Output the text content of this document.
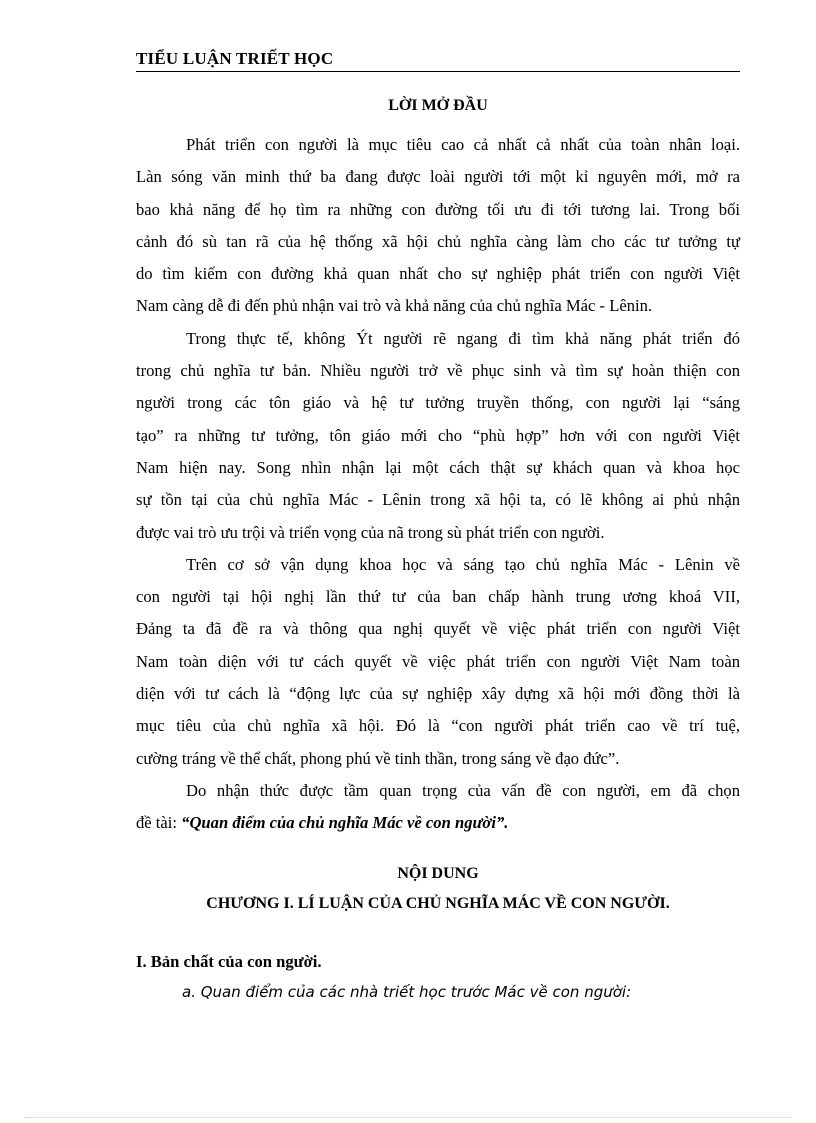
TIỂU LUẬN TRIẾT HỌC
LỜI MỞ ĐẦU
Phát triển con người là mục tiêu cao cả nhất cả nhất của toàn nhân loại.
Làn sóng văn minh thứ ba đang được loài người tới một kỉ nguyên mới, mở ra
bao khả năng để họ tìm ra những con đường tối ưu đi tới tương lai. Trong bối
cảnh đó sù tan rã của hệ thống xã hội chủ nghĩa càng làm cho các tư tưởng tự
do tìm kiếm con đường khả quan nhất cho sự nghiệp phát triển con người Việt
Nam càng dễ đi đến phủ nhận vai trò và khả năng của chủ nghĩa Mác - Lênin.
Trong thực tế, không Ýt người rẽ ngang đi tìm khả năng phát triển đó
trong chủ nghĩa tư bản. Nhiều người trở về phục sinh và tìm sự hoàn thiện con
người trong các tôn giáo và hệ tư tưởng truyền thống, con người lại “sáng
tạo” ra những tư tưởng, tôn giáo mới cho “phù hợp” hơn với con người Việt
Nam hiện nay. Song nhìn nhận lại một cách thật sự khách quan và khoa học
sự tồn tại của chủ nghĩa Mác - Lênin trong xã hội ta, có lẽ không ai phủ nhận
được vai trò ưu trội và triển vọng của nã trong sù phát triển con người.
Trên cơ sở vận dụng khoa học và sáng tạo chủ nghĩa Mác - Lênin về
con người tại hội nghị lần thứ tư của ban chấp hành trung ương khoá VII,
Đảng ta đã đề ra và thông qua nghị quyết về việc phát triển con người Việt
Nam toàn diện với tư cách quyết về việc phát triển con người Việt Nam toàn
diện với tư cách là “động lực của sự nghiệp xây dựng xã hội mới đồng thời là
mục tiêu của chủ nghĩa xã hội. Đó là “con người phát triển cao về trí tuệ,
cường tráng về thể chất, phong phú về tinh thần, trong sáng về đạo đức”.
Do nhận thức được tầm quan trọng của vấn đề con người, em đã chọn
đề tài: “Quan điểm của chủ nghĩa Mác về con người”.
NỘI DUNG
CHƯƠNG I. LÍ LUẬN CỦA CHỦ NGHĨA MÁC VỀ CON NGƯỜI.
I. Bản chất của con người.
a. Quan điểm của các nhà triết học trước Mác về con người:
